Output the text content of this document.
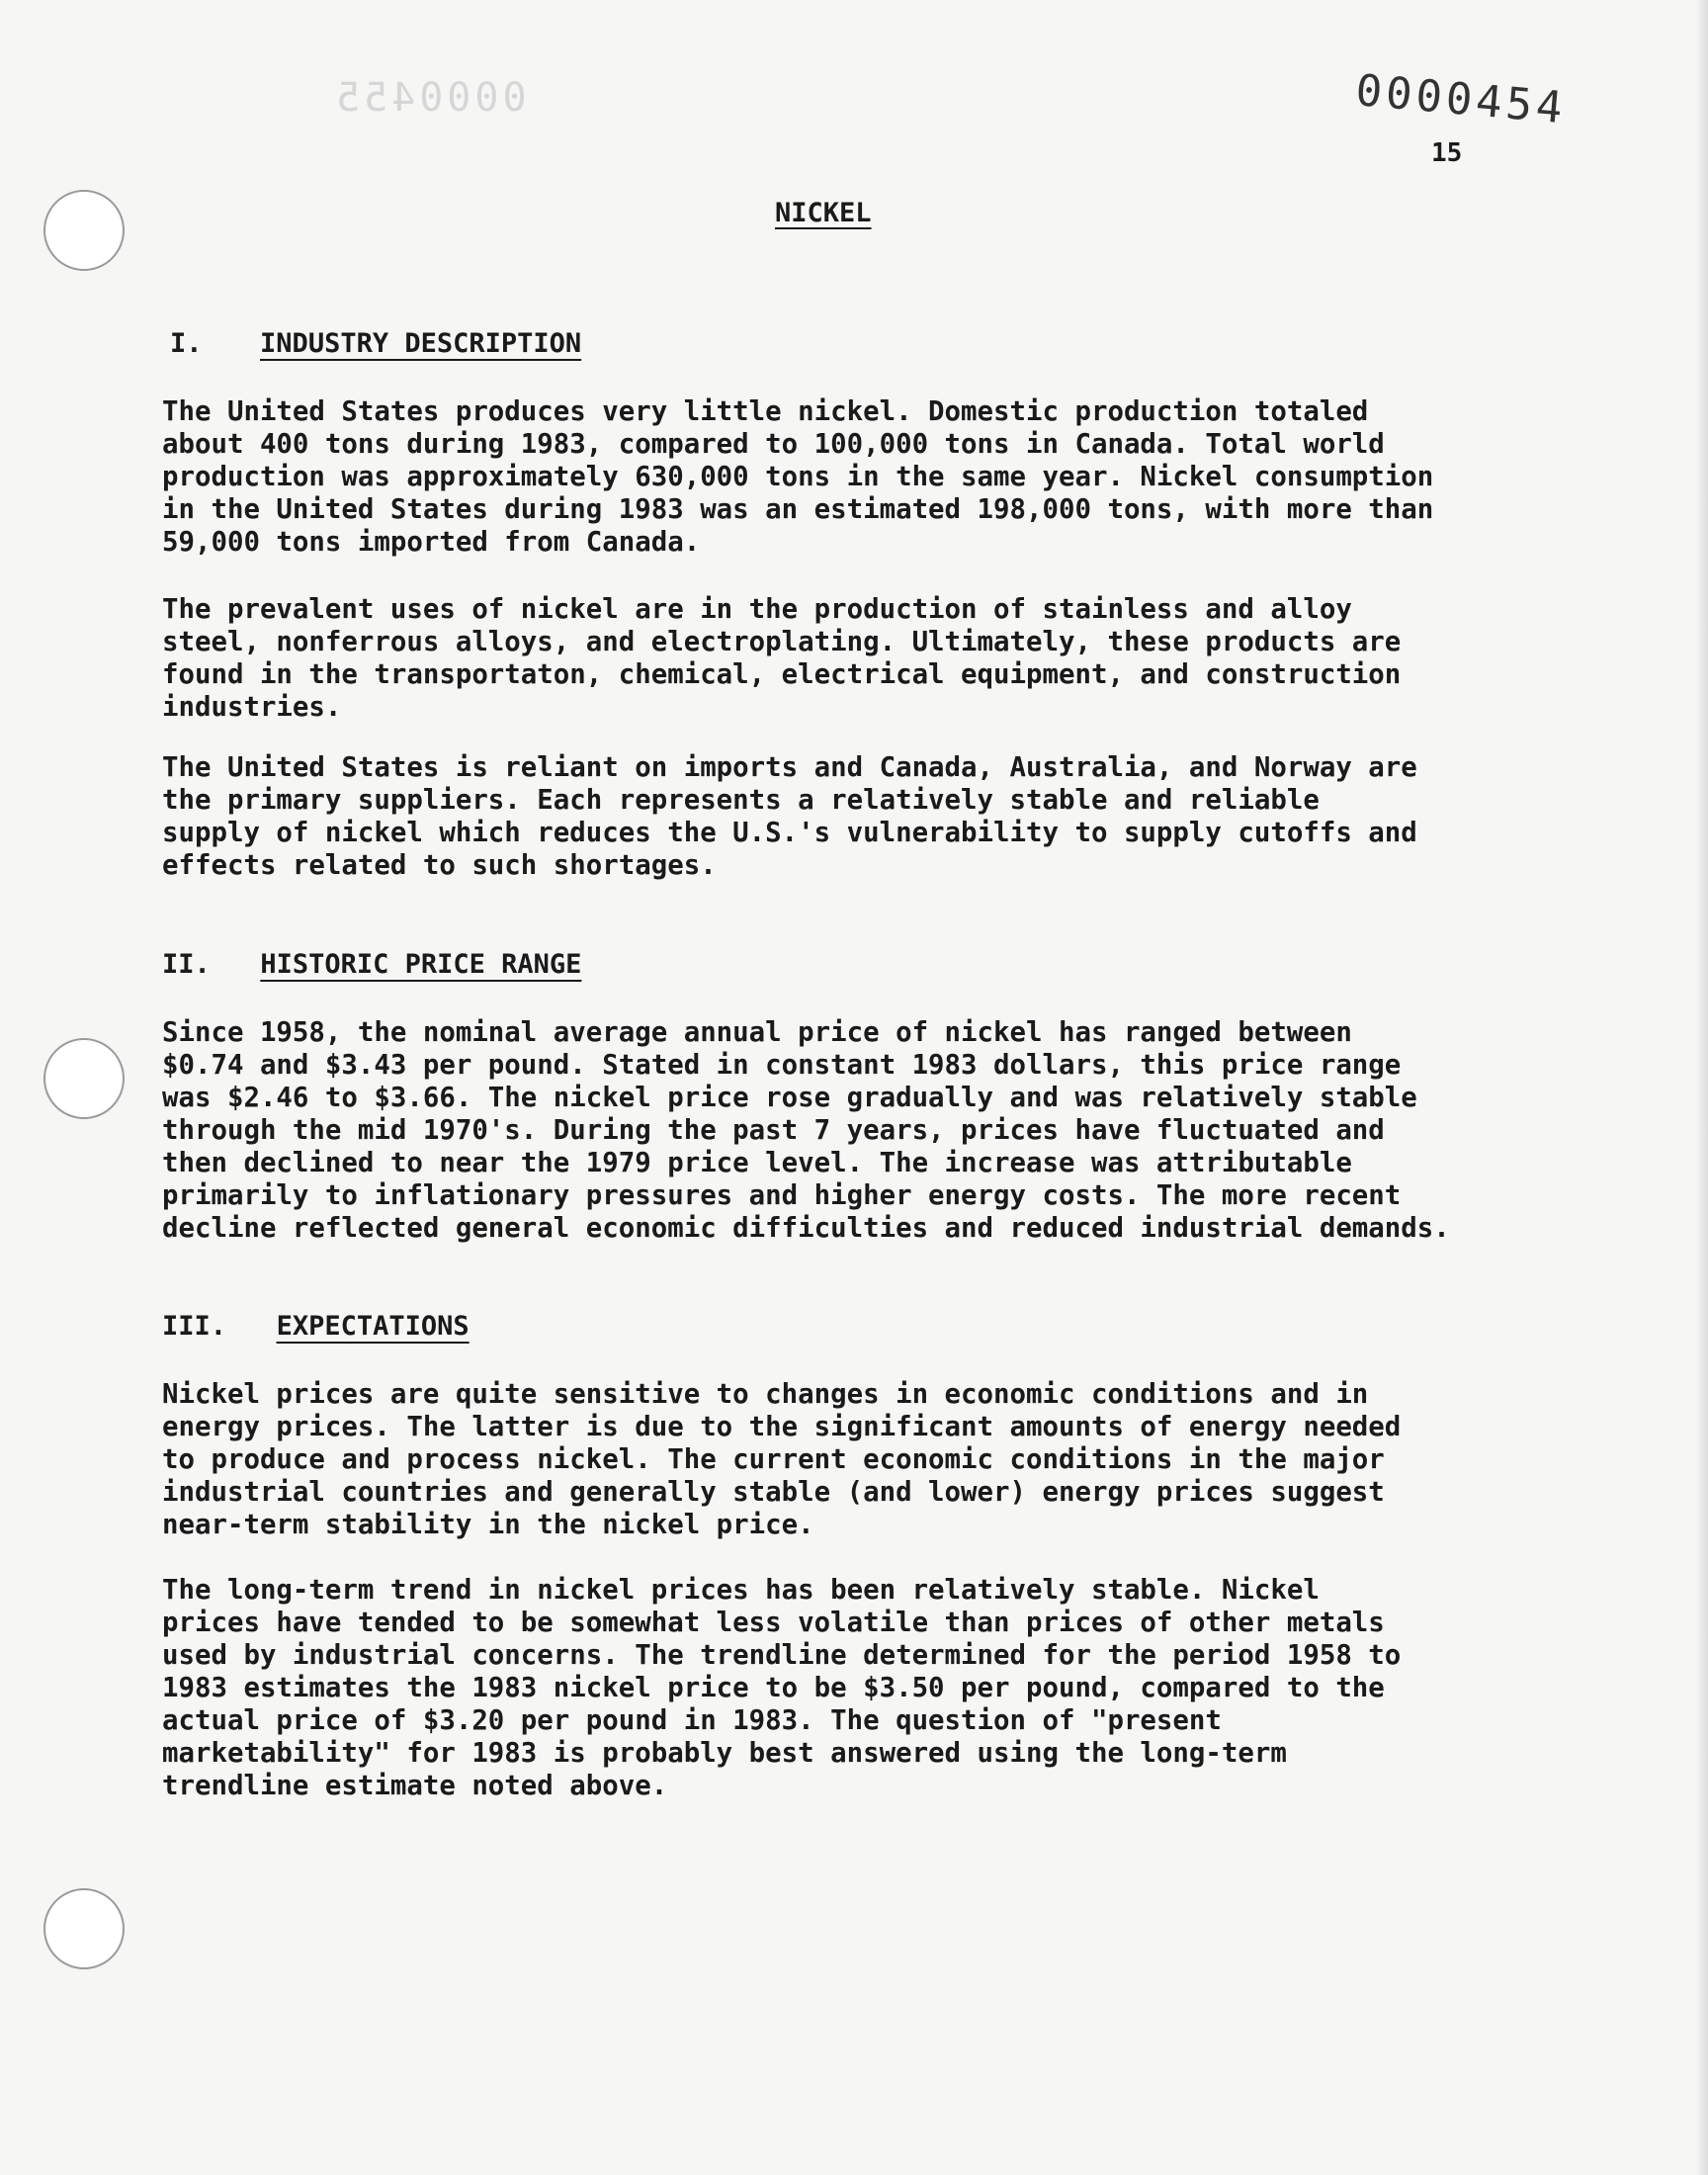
0000455	0000454
15
NICKEL
I. INDUSTRY DESCRIPTION

The United States produces very little nickel. Domestic production totaled
about 400 tons during 1983, compared to 100,000 tons in Canada. Total world
production was approximately 630,000 tons in the same year. Nickel consumption
in the United States during 1983 was an estimated 198,000 tons, with more than
59,000 tons imported from Canada.

The prevalent uses of nickel are in the production of stainless and alloy
steel, nonferrous alloys, and electroplating. Ultimately, these products are
found in the transportaton, chemical, electrical equipment, and construction
industries.

The United States is reliant on imports and Canada, Australia, and Norway are
the primary suppliers. Each represents a relatively stable and reliable
supply of nickel which reduces the U.S.'s vulnerability to supply cutoffs and
effects related to such shortages.

II. HISTORIC PRICE RANGE

Since 1958, the nominal average annual price of nickel has ranged between
$0.74 and $3.43 per pound. Stated in constant 1983 dollars, this price range
was $2.46 to $3.66. The nickel price rose gradually and was relatively stable
through the mid 1970's. During the past 7 years, prices have fluctuated and
then declined to near the 1979 price level. The increase was attributable
primarily to inflationary pressures and higher energy costs. The more recent
decline reflected general economic difficulties and reduced industrial demands.

III. EXPECTATIONS

Nickel prices are quite sensitive to changes in economic conditions and in
energy prices. The latter is due to the significant amounts of energy needed
to produce and process nickel. The current economic conditions in the major
industrial countries and generally stable (and lower) energy prices suggest
near-term stability in the nickel price.

The long-term trend in nickel prices has been relatively stable. Nickel
prices have tended to be somewhat less volatile than prices of other metals
used by industrial concerns. The trendline determined for the period 1958 to
1983 estimates the 1983 nickel price to be $3.50 per pound, compared to the
actual price of $3.20 per pound in 1983. The question of "present
marketability" for 1983 is probably best answered using the long-term
trendline estimate noted above.
